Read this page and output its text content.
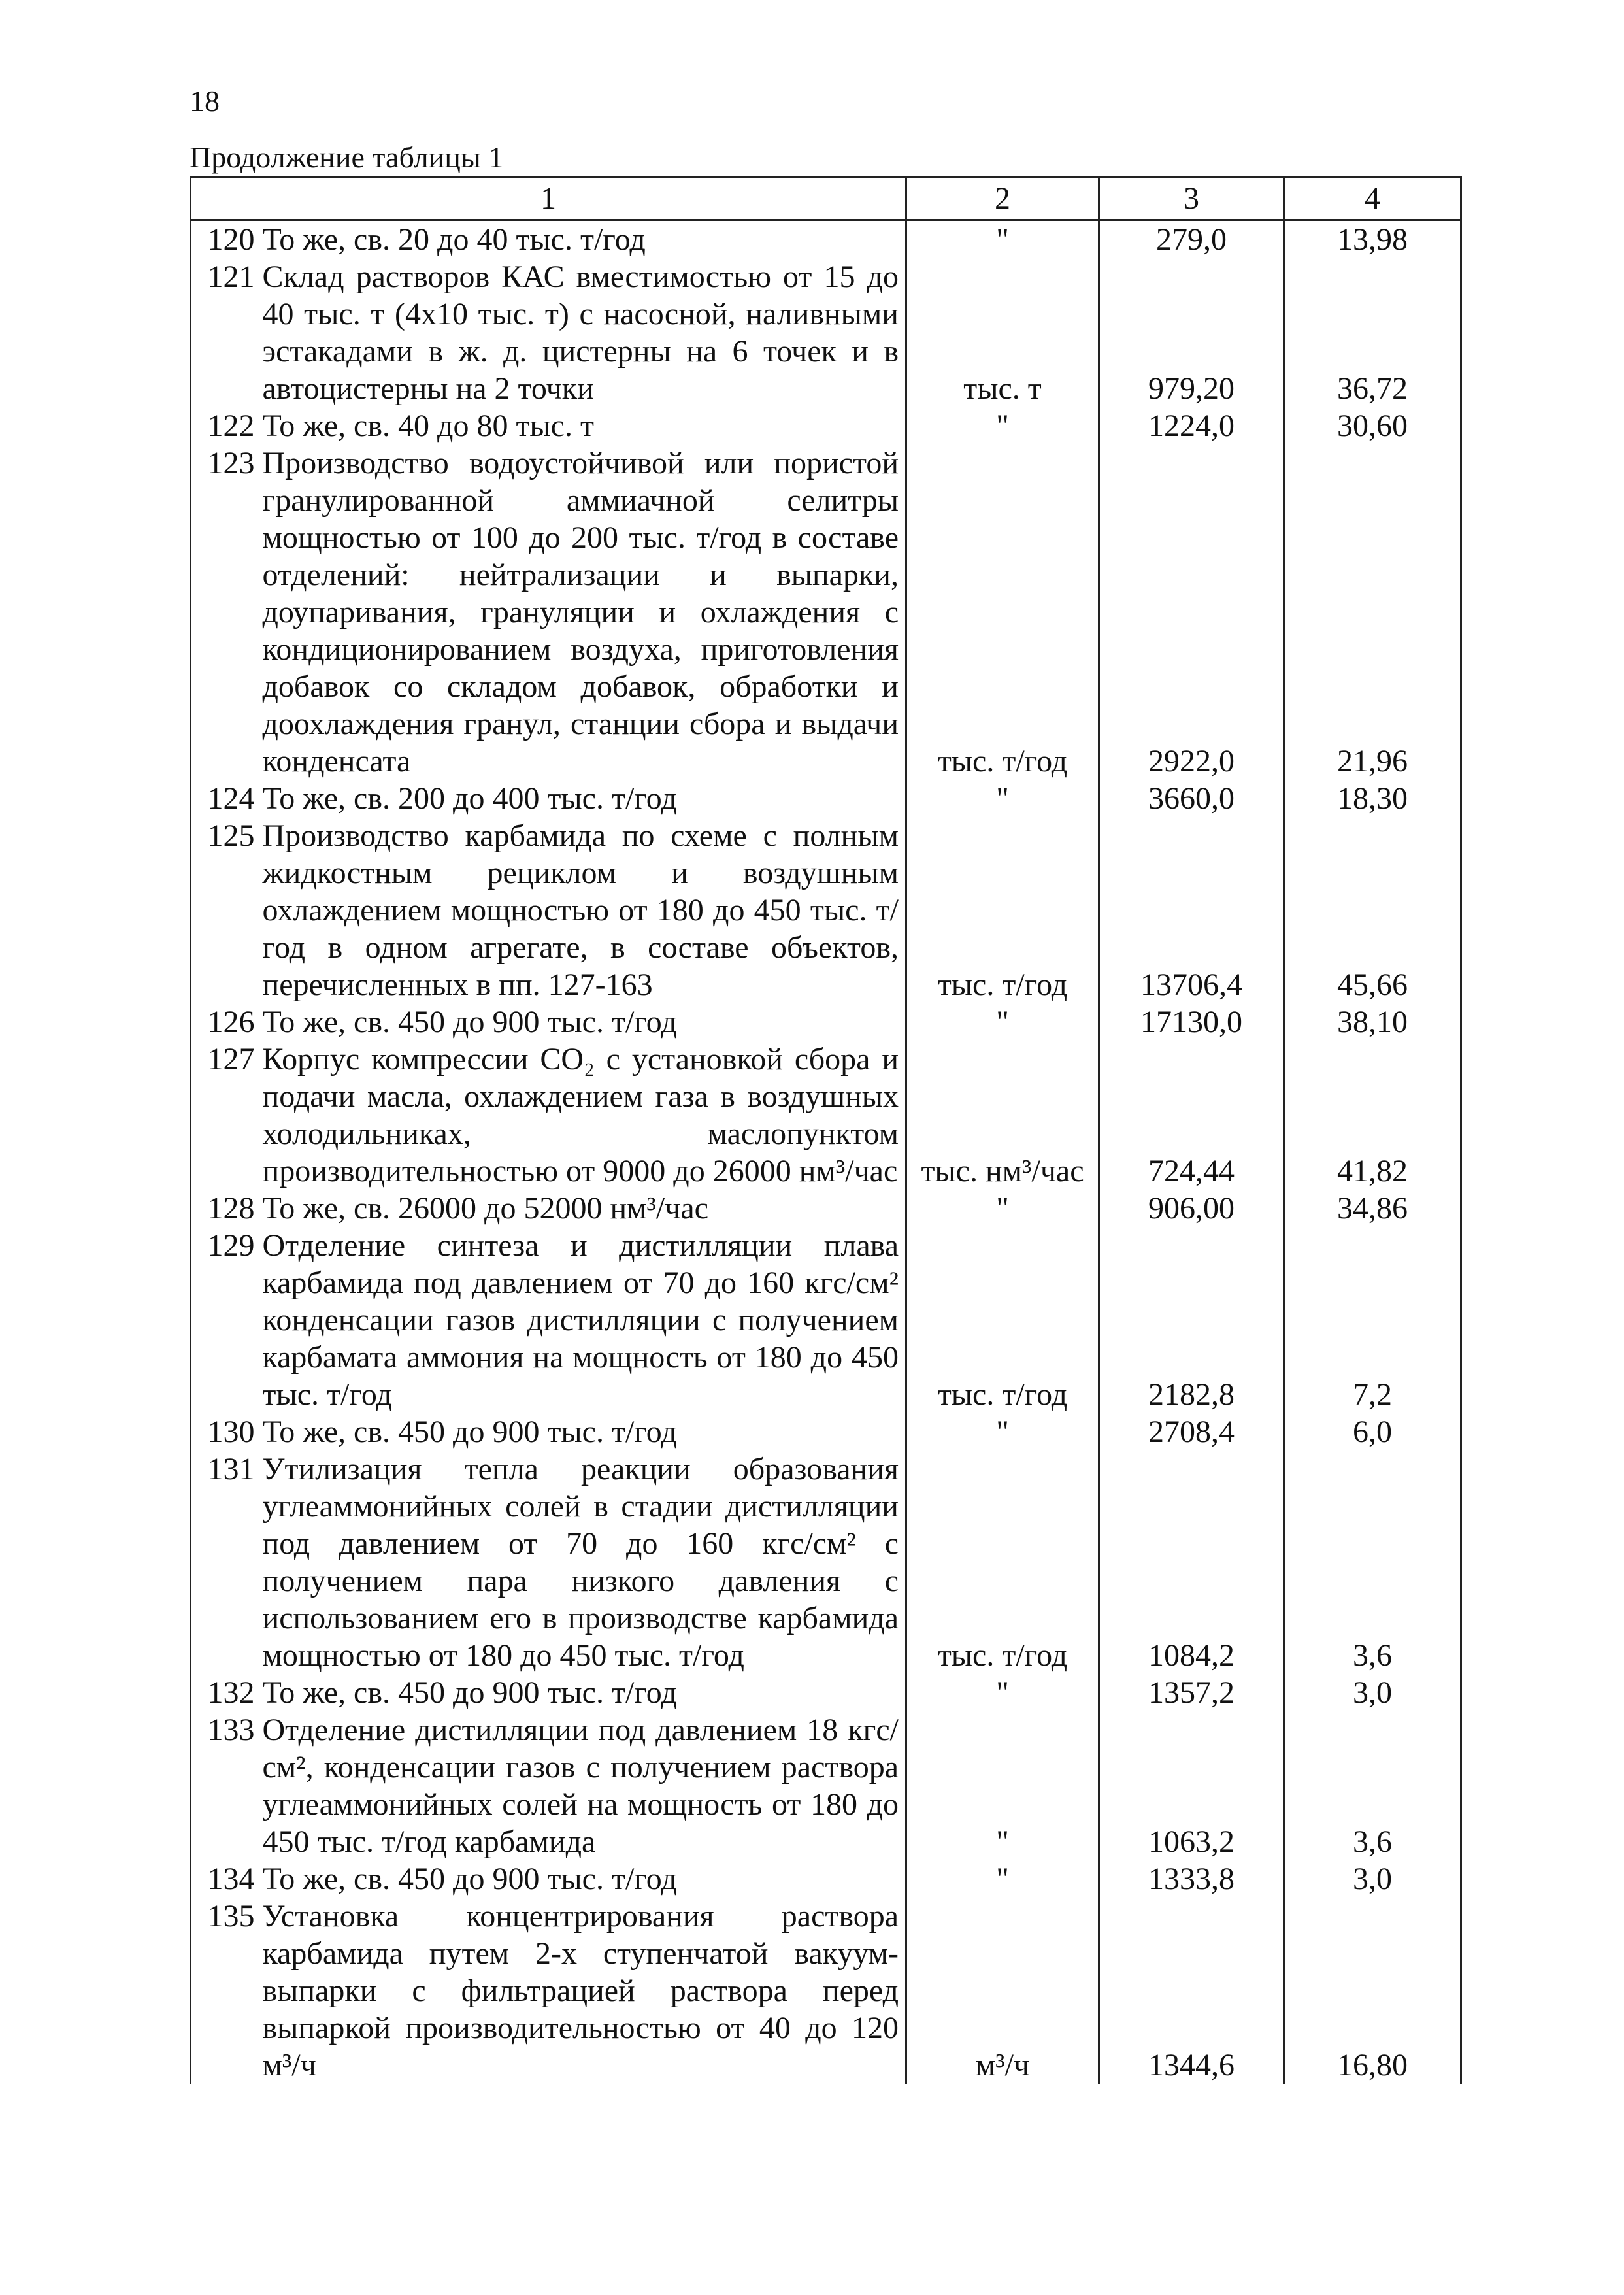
18
Продолжение таблицы 1
1		2	3	4
120	То же, св. 20 до 40 тыс. т/год	"	279,0	13,98
121	Склад растворов КАС вместимостью от 15 до 40 тыс. т (4х10 тыс. т) с насосной, наливными эстакадами в ж. д. цистерны на 6 точек и в автоцистерны на 2 точки	тыс. т	979,20	36,72
122	То же, св. 40 до 80 тыс. т	"	1224,0	30,60
123	Производство водоустойчивой или пористой гранулированной аммиачной селитры мощностью от 100 до 200 тыс. т/год в составе отделений: нейтрализации и выпарки, доупаривания, грануляции и охлаждения с кондиционированием воздуха, приготовления добавок со складом добавок, обработки и доохлаждения гранул, станции сбора и выдачи конденсата	тыс. т/год	2922,0	21,96
124	То же, св. 200 до 400 тыс. т/год	"	3660,0	18,30
125	Производство карбамида по схеме с полным жидкостным рециклом и воздушным охлаждением мощностью от 180 до 450 тыс. т/год в одном агрегате, в составе объектов, перечисленных в пп. 127-163	тыс. т/год	13706,4	45,66
126	То же, св. 450 до 900 тыс. т/год	"	17130,0	38,10
127	Корпус компрессии СО₂ с установкой сбора и подачи масла, охлаждением газа в воздушных холодильниках, маслопунктом производительностью от 9000 до 26000 нм³/час	тыс. нм³/час	724,44	41,82
128	То же, св. 26000 до 52000 нм³/час	"	906,00	34,86
129	Отделение синтеза и дистилляции плава карбамида под давлением от 70 до 160 кгс/см² конденсации газов дистилляции с получением карбамата аммония на мощность от 180 до 450 тыс. т/год	тыс. т/год	2182,8	7,2
130	То же, св. 450 до 900 тыс. т/год	"	2708,4	6,0
131	Утилизация тепла реакции образования углеаммонийных солей в стадии дистилляции под давлением от 70 до 160 кгс/см² с получением пара низкого давления с использованием его в производстве карбамида мощностью от 180 до 450 тыс. т/год	тыс. т/год	1084,2	3,6
132	То же, св. 450 до 900 тыс. т/год	"	1357,2	3,0
133	Отделение дистилляции под давлением 18 кгс/см², конденсации газов с получением раствора углеаммонийных солей на мощность от 180 до 450 тыс. т/год карбамида	"	1063,2	3,6
134	То же, св. 450 до 900 тыс. т/год	"	1333,8	3,0
135	Установка концентрирования раствора карбамида путем 2-х ступенчатой вакуум-выпарки с фильтрацией раствора перед выпаркой производительностью от 40 до 120 м³/ч	м³/ч	1344,6	16,80
